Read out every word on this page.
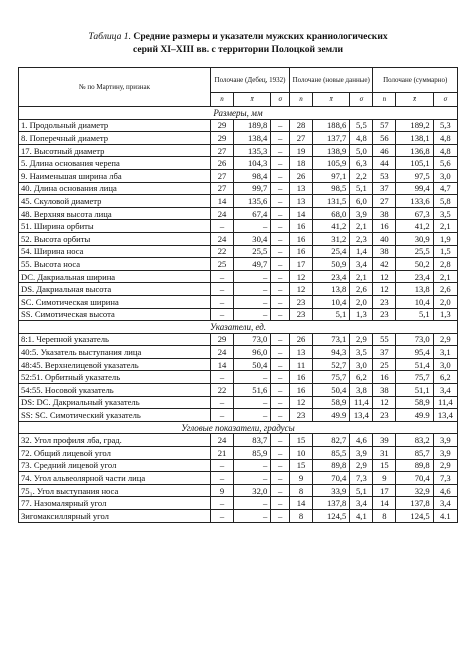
Таблица 1. Средние размеры и указатели мужских краниологических
серий XI–XIII вв. с территории Полоцкой земли
№ по Мартину, признак	Полочане (Дебец, 1932)			Полочане (новые данные)			Полочане (суммарно)		
	n	x̄	σ	n	x̄	σ	n	x̄	σ
Размеры, мм									
1. Продольный диаметр	29	189,8	–	28	188,6	5,5	57	189,2	5,3
8. Поперечный диаметр	29	138,4	–	27	137,7	4,8	56	138,1	4,8
17. Высотный диаметр	27	135,3	–	19	138,9	5,0	46	136,8	4,8
5. Длина основания черепа	26	104,3	–	18	105,9	6,3	44	105,1	5,6
9. Наименьшая ширина лба	27	98,4	–	26	97,1	2,2	53	97,5	3,0
40. Длина основания лица	27	99,7	–	13	98,5	5,1	37	99,4	4,7
45. Скуловой диаметр	14	135,6	–	13	131,5	6,0	27	133,6	5,8
48. Верхняя высота лица	24	67,4	–	14	68,0	3,9	38	67,3	3,5
51. Ширина орбиты	–	–	–	16	41,2	2,1	16	41,2	2,1
52. Высота орбиты	24	30,4	–	16	31,2	2,3	40	30,9	1,9
54. Ширина носа	22	25,5	–	16	25,4	1,4	38	25,5	1,5
55. Высота носа	25	49,7	–	17	50,9	3,4	42	50,2	2,8
DC. Дакриальная ширина	–	–	–	12	23,4	2,1	12	23,4	2,1
DS. Дакриальная высота	–	–	–	12	13,8	2,6	12	13,8	2,6
SC. Симотическая ширина	–	–	–	23	10,4	2,0	23	10,4	2,0
SS. Симотическая высота	–	–	–	23	5,1	1,3	23	5,1	1,3
Указатели, ед.									
8:1. Черепной указатель	29	73,0	–	26	73,1	2,9	55	73,0	2,9
40:5. Указатель выступания лица	24	96,0	–	13	94,3	3,5	37	95,4	3,1
48:45. Верхнелицевой указатель	14	50,4	–	11	52,7	3,0	25	51,4	3,0
52:51. Орбитный указатель	–	–	–	16	75,7	6,2	16	75,7	6,2
54:55. Носовой указатель	22	51,6	–	16	50,4	3,8	38	51,1	3,4
DS: DC. Дакриальный указатель	–	–	–	12	58,9	11,4	12	58,9	11,4
SS: SC. Симотический указатель	–	–	–	23	49.9	13,4	23	49.9	13,4
Угловые показатели, градусы									
32. Угол профиля лба, град.	24	83,7	–	15	82,7	4,6	39	83,2	3,9
72. Общий лицевой угол	21	85,9	–	10	85,5	3,9	31	85,7	3,9
73. Средний лицевой угол	–	–	–	15	89,8	2,9	15	89,8	2,9
74. Угол альвеолярной части лица	–	–	–	9	70,4	7,3	9	70,4	7,3
75₁. Угол выступания носа	9	32,0	–	8	33,9	5,1	17	32,9	4,6
77. Назомалярный угол	–	–	–	14	137,8	3,4	14	137,8	3,4
Зигомаксиллярный угол	–	–	–	8	124,5	4,1	8	124,5	4.1
